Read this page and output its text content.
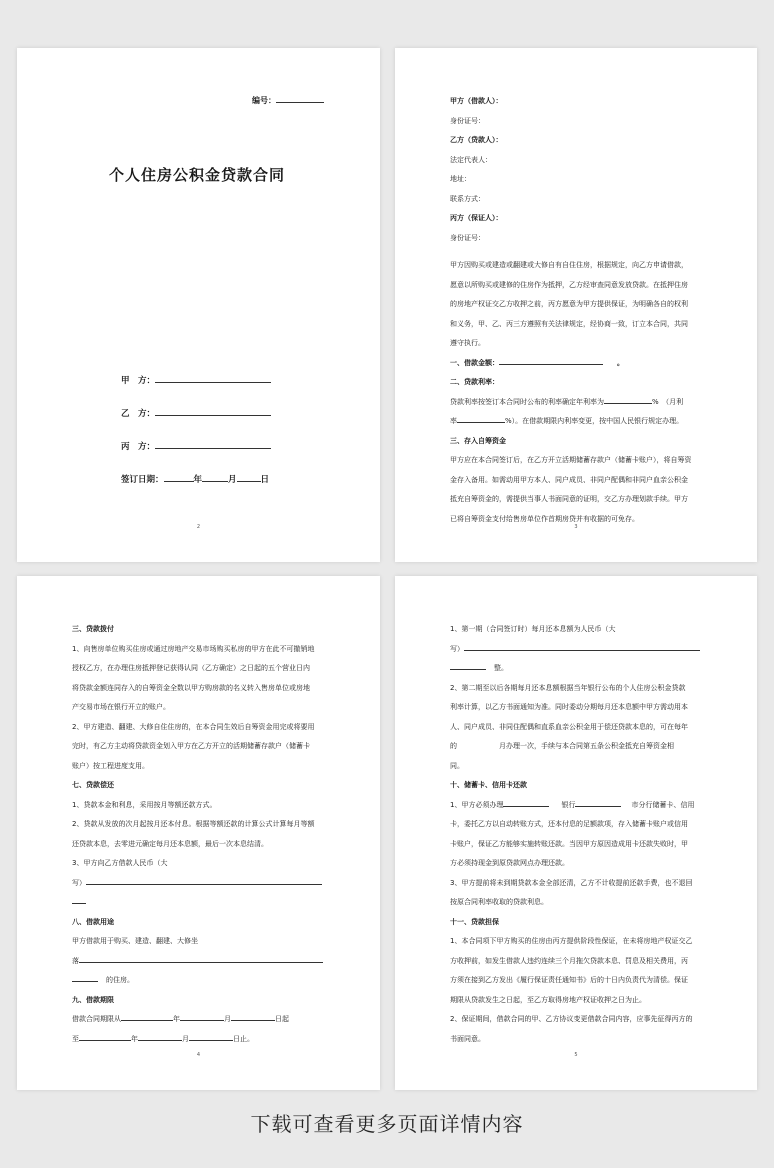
编号：
个人住房公积金贷款合同
甲　方：
乙　方：
丙　方：
签订日期：	年	月	日
2
甲方（借款人）：
身份证号：
乙方（贷款人）：
法定代表人：
地址：
联系方式：
丙方（保证人）：
身份证号：
甲方因购买或建造或翻建或大修自有自住住房，根据规定，向乙方申请借款，
愿意以所购买或建修的住房作为抵押，乙方经审查同意发放贷款。在抵押住房
的房地产权证交乙方收押之前，丙方愿意为甲方提供保证，为明确各自的权利
和义务，甲、乙、丙三方遵照有关法律规定，经协商一致，订立本合同，共同
遵守执行。
一、借款金额：	。
二、贷款利率：
贷款利率按签订本合同时公布的利率确定年利率为	%　（月利
率	%）。在借款期限内利率变更，按中国人民银行规定办理。
三、存入自筹资金
甲方应在本合同签订后，在乙方开立活期储蓄存款户（储蓄卡账户），将自筹资
金存入备用。如需动用甲方本人、同户成员、非同户配偶和非同户血亲公积金
抵充自筹资金的，需提供当事人书面同意的证明，交乙方办理划款手续。甲方
已将自筹资金支付给售房单位作首期房贷并有收据的可免存。
3
三、贷款拨付
1、向售房单位购买住房或通过房地产交易市场购买私房的甲方在此不可撤销地
授权乙方，在办理住房抵押登记获得认同（乙方确定）之日起的五个营业日内
将贷款金额连同存入的自筹资金全数以甲方购房款的名义转入售房单位或房地
产交易市场在银行开立的账户。
2、甲方建造、翻建、大修自住住房的，在本合同生效后自筹资金用完或将要用
完时，有乙方主动将贷款资金划入甲方在乙方开立的活期储蓄存款户（储蓄卡
账户）按工程进度支用。
七、贷款偿还
1、贷款本金和利息，采用按月等额还款方式。
2、贷款从发放的次月起按月还本付息。根据等额还款的计算公式计算每月等额
还贷款本息，去零进元确定每月还本息额，最后一次本息结清。
3、甲方向乙方借款人民币（大
写）
八、借款用途
甲方借款用于购买、建造、翻建、大修坐
落
的住房。
九、借款期限
借款合同期限从	年	月	日起
至	年	月	日止。
4
1、第一期（合同签订时）每月还本息额为人民币（大
写）
整。
2、第二期至以后各期每月还本息额根据当年银行公布的个人住房公积金贷款
利率计算，以乙方书面通知为准。同时委动分期每月还本息额中甲方需动用本
人、同户成员、非同住配偶和直系血亲公积金用于偿还贷款本息的，可在每年
的　　　　　　月办理一次，手续与本合同第五条公积金抵充自筹资金相
同。
十、储蓄卡、信用卡还款
1、甲方必须办理	银行	市分行储蓄卡、信用
卡，委托乙方以自动转账方式，还本付息的足额款项，存入储蓄卡账户或信用
卡账户，保证乙方能够实施转账还款。当因甲方原因造成用卡还款失败时，甲
方必须持现金到原贷款网点办理还款。
3、甲方提前将未到期贷款本金全部还清，乙方不计收提前还款手费，也不退回
按原合同利率收取的贷款利息。
十一、贷款担保
1、本合同项下甲方购买的住房由丙方提供阶段性保证，在未将房地产权证交乙
方收押前，如发生借款人违约连续三个月拖欠贷款本息、罚息及相关费用，丙
方须在接到乙方发出《履行保证责任通知书》后的十日内负责代为清偿。保证
期限从贷款发生之日起，至乙方取得房地产权证收押之日为止。
2、保证期间，借款合同的甲、乙方协议变更借款合同内容，应事先征得丙方的
书面同意。
5
下载可查看更多页面详情内容
